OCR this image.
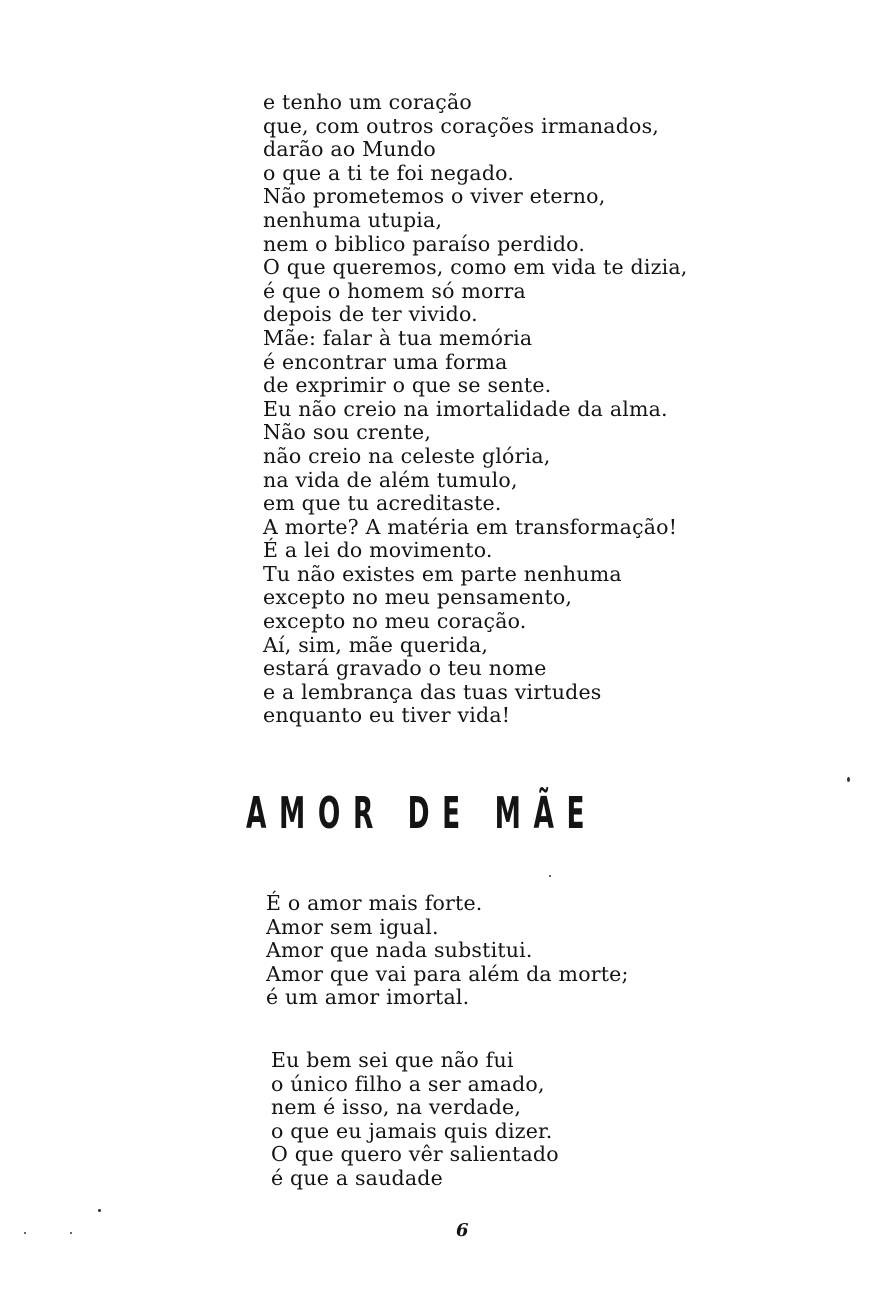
e tenho um coração
que, com outros corações irmanados,
darão ao Mundo
o que a ti te foi negado.
Não prometemos o viver eterno,
nenhuma utupia,
nem o biblico paraíso perdido.
O que queremos, como em vida te dizia,
é que o homem só morra
depois de ter vivido.
Mãe: falar à tua memória
é encontrar uma forma
de exprimir o que se sente.
Eu não creio na imortalidade da alma.
Não sou crente,
não creio na celeste glória,
na vida de além tumulo,
em que tu acreditaste.
A morte? A matéria em transformação!
É a lei do movimento.
Tu não existes em parte nenhuma
excepto no meu pensamento,
excepto no meu coração.
Aí, sim, mãe querida,
estará gravado o teu nome
e a lembrança das tuas virtudes
enquanto eu tiver vida!
AMOR DE MÃE
É o amor mais forte.
Amor sem igual.
Amor que nada substitui.
Amor que vai para além da morte;
é um amor imortal.
Eu bem sei que não fui
o único filho a ser amado,
nem é isso, na verdade,
o que eu jamais quis dizer.
O que quero vêr salientado
é que a saudade
6
